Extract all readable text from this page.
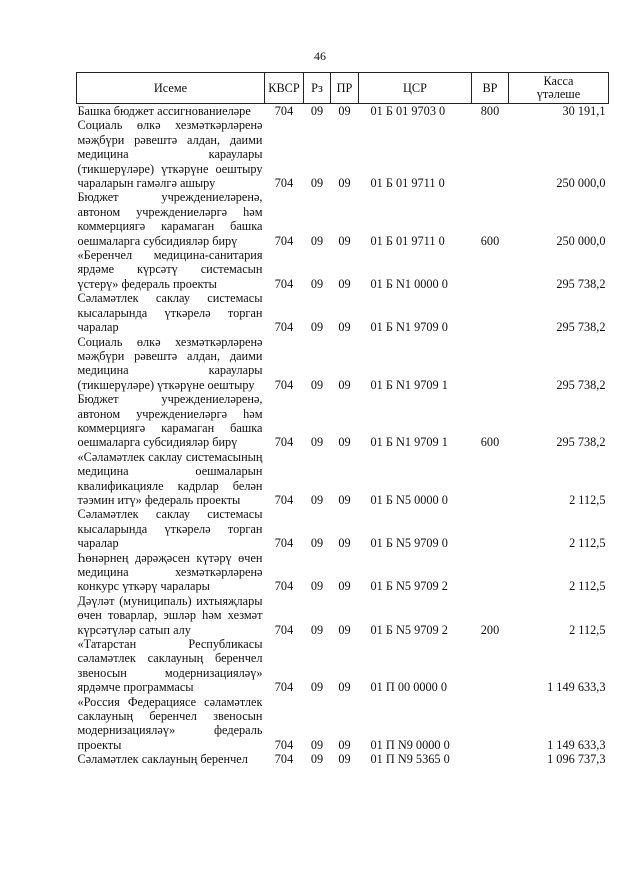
46
Исеме	КВСР	Рз	ПР	ЦСР	ВР	Касса
үтәлеше
Башка бюджет ассигнованиеләре	704	09	09	01 Б 01 9703 0	800	30 191,1
Социаль өлкә хезмәткәрләренә мәҗбүри рәвештә алдан, даими медицина караулары (тикшерүләре) үткәрүне оештыру чараларын гамәлгә ашыру	704	09	09	01 Б 01 9711 0		250 000,0
Бюджет учреждениеләренә, автоном учреждениеләргә һәм коммерциягә карамаган башка оешмаларга субсидияләр бирү	704	09	09	01 Б 01 9711 0	600	250 000,0
«Беренчел медицина-санитария ярдәме күрсәтү системасын үстерү» федераль проекты	704	09	09	01 Б N1 0000 0		295 738,2
Сәламәтлек саклау системасы кысаларында үткәрелә торган чаралар	704	09	09	01 Б N1 9709 0		295 738,2
Социаль өлкә хезмәткәрләренә мәҗбүри рәвештә алдан, даими медицина караулары (тикшерүләре) үткәрүне оештыру	704	09	09	01 Б N1 9709 1		295 738,2
Бюджет учреждениеләренә, автоном учреждениеләргә һәм коммерциягә карамаган башка оешмаларга субсидияләр бирү	704	09	09	01 Б N1 9709 1	600	295 738,2
«Сәламәтлек саклау системасының медицина оешмаларын квалификацияле кадрлар белән тәэмин итү» федераль проекты	704	09	09	01 Б N5 0000 0		2 112,5
Сәламәтлек саклау системасы кысаларында үткәрелә торган чаралар	704	09	09	01 Б N5 9709 0		2 112,5
Һөнәрнең дәрәҗәсен күтәрү өчен медицина хезмәткәрләренә конкурс үткәрү чаралары	704	09	09	01 Б N5 9709 2		2 112,5
Дәүләт (муниципаль) ихтыяҗлары өчен товарлар, эшләр һәм хезмәт күрсәтүләр сатып алу	704	09	09	01 Б N5 9709 2	200	2 112,5
«Татарстан Республикасы сәламәтлек саклауның беренчел звеносын модернизацияләү» ярдәмче программасы	704	09	09	01 П 00 0000 0		1 149 633,3
«Россия Федерациясе сәламәтлек саклауның беренчел звеносын модернизацияләү» федераль проекты	704	09	09	01 П N9 0000 0		1 149 633,3
Сәламәтлек саклауның беренчел	704	09	09	01 П N9 5365 0		1 096 737,3
